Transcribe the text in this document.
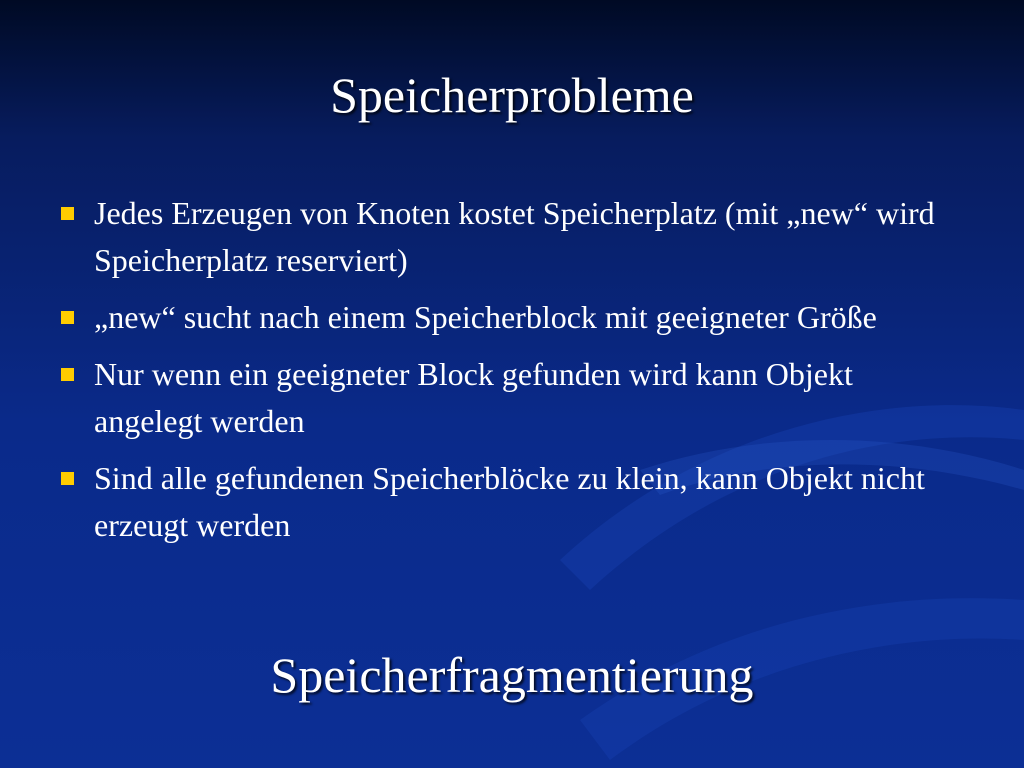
Speicherprobleme
Jedes Erzeugen von Knoten kostet Speicherplatz (mit „new“ wird Speicherplatz reserviert)
„new“ sucht nach einem Speicherblock mit geeigneter Größe
Nur wenn ein geeigneter Block gefunden wird kann Objekt angelegt werden
Sind alle gefundenen Speicherblöcke zu klein, kann Objekt nicht erzeugt werden
Speicherfragmentierung
